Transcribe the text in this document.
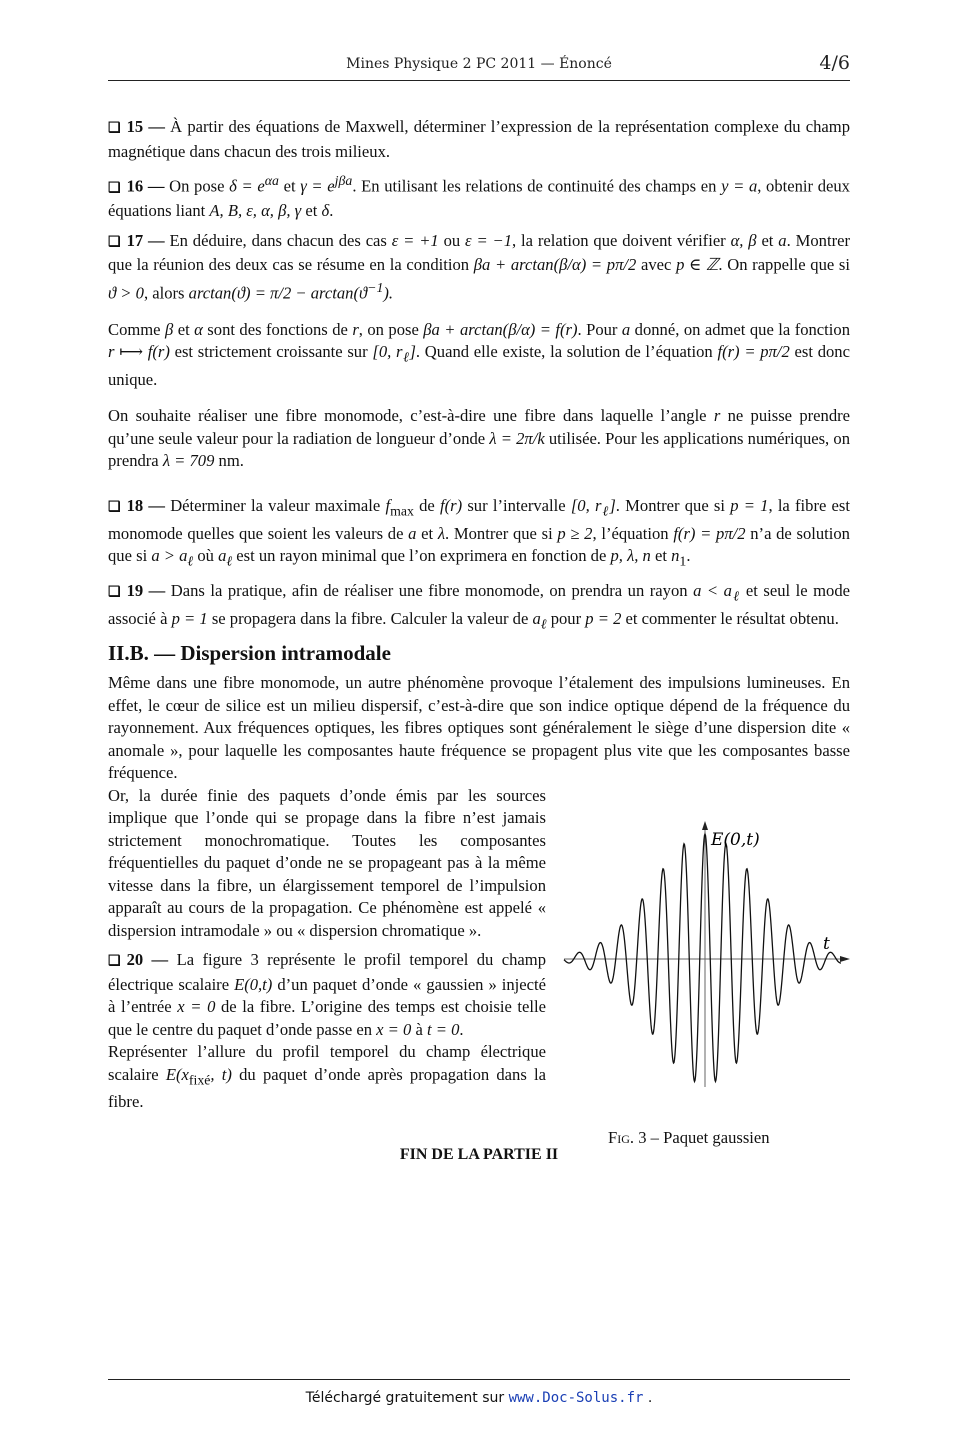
Mines Physique 2 PC 2011 — Énoncé	4/6

❏ 15 — À partir des équations de Maxwell, déterminer l’expression de la représentation complexe du champ magnétique dans chacun des trois milieux.

❏ 16 — On pose $\delta = e^{\alpha a}$ et $\gamma = e^{j\beta a}$. En utilisant les relations de continuité des champs en y = a, obtenir deux équations liant A, B, ε, α, β, γ et δ.

❏ 17 — En déduire, dans chacun des cas ε = +1 ou ε = −1, la relation que doivent vérifier α, β et a. Montrer que la réunion des deux cas se résume en la condition βa + arctan(β/α) = pπ/2 avec p ∈ ℤ. On rappelle que si ϑ > 0, alors $\arctan(ϑ) = \pi/2 - \arctan(ϑ^{-1})$.

Comme β et α sont des fonctions de r, on pose βa + arctan(β/α) = f(r). Pour a donné, on admet que la fonction r ⟼ f(r) est strictement croissante sur [0, $r_\ell$]. Quand elle existe, la solution de l’équation f(r) = pπ/2 est donc unique.

On souhaite réaliser une fibre monomode, c’est-à-dire une fibre dans laquelle l’angle r ne puisse prendre qu’une seule valeur pour la radiation de longueur d’onde λ = 2π/k utilisée. Pour les applications numériques, on prendra λ = 709 nm.

❏ 18 — Déterminer la valeur maximale $f_{max}$ de f(r) sur l’intervalle [0, $r_\ell$]. Montrer que si p = 1, la fibre est monomode quelles que soient les valeurs de a et λ. Montrer que si p ≥ 2, l’équation f(r) = pπ/2 n’a de solution que si $a > a_\ell$ où $a_\ell$ est un rayon minimal que l’on exprimera en fonction de p, λ, n et $n_1$.

❏ 19 — Dans la pratique, afin de réaliser une fibre monomode, on prendra un rayon $a < a_\ell$ et seul le mode associé à p = 1 se propagera dans la fibre. Calculer la valeur de $a_\ell$ pour p = 2 et commenter le résultat obtenu.

II.B. — Dispersion intramodale

Même dans une fibre monomode, un autre phénomène provoque l’étalement des impulsions lumineuses. En effet, le cœur de silice est un milieu dispersif, c’est-à-dire que son indice optique dépend de la fréquence du rayonnement. Aux fréquences optiques, les fibres optiques sont généralement le siège d’une dispersion dite « anomale », pour laquelle les composantes haute fréquence se propagent plus vite que les composantes basse fréquence.

Or, la durée finie des paquets d’onde émis par les sources implique que l’onde qui se propage dans la fibre n’est jamais strictement monochromatique. Toutes les composantes fréquentielles du paquet d’onde ne se propageant pas à la même vitesse dans la fibre, un élargissement temporel de l’impulsion apparaît au cours de la propagation. Ce phénomène est appelé « dispersion intramodale » ou « dispersion chromatique ».

❏ 20 — La figure 3 représente le profil temporel du champ électrique scalaire E(0,t) d’un paquet d’onde « gaussien » injecté à l’entrée x = 0 de la fibre. L’origine des temps est choisie telle que le centre du paquet d’onde passe en x = 0 à t = 0.

Représenter l’allure du profil temporel du champ électrique scalaire $E(x_{fixé}$, t) du paquet d’onde après propagation dans la fibre.

E(0,t)
t
Fig. 3 – Paquet gaussien

FIN DE LA PARTIE II

Téléchargé gratuitement sur www.Doc-Solus.fr .
